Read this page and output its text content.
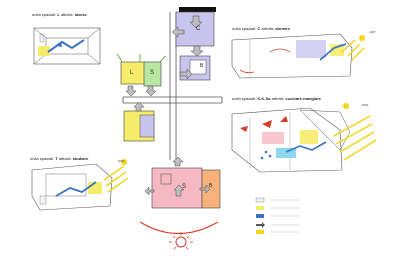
unità spaziali: L attività: lavoro
unità spaziali: C attività: dormire
unità spaziali: S-K-Sa attività: cucinare-mangiare
unità spaziali: T attività: studiare
EST
SUD
SUD
C
B
L	S
S	B
